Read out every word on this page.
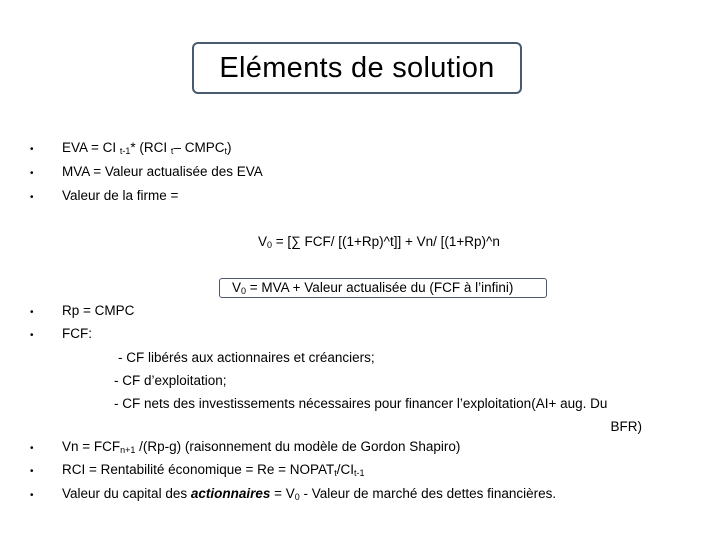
Eléments de solution
• EVA = CI $_{t-1}$* (RCI $_t$– $CMPC_t$)
• MVA = Valeur actualisée des EVA
• Valeur de la firme =
$V_0$ = [∑ FCF/ [(1+Rp)^t]] + Vn/ [(1+Rp)^n
$V_0$ = MVA + Valeur actualisée du (FCF à l’infini)
• Rp = CMPC
• FCF:
- CF libérés aux actionnaires et créanciers;
- CF d’exploitation;
- CF nets des investissements nécessaires pour financer l’exploitation(AI+ aug. Du
BFR)
• $Vn = FCF_{n+1}$ /(Rp-g) (raisonnement du modèle de Gordon Shapiro)
• RCI = Rentabilité économique = $Re = NOPAT_t/CI_{t-1}$
• Valeur du capital des actionnaires = $V_0$ - Valeur de marché des dettes financières.
